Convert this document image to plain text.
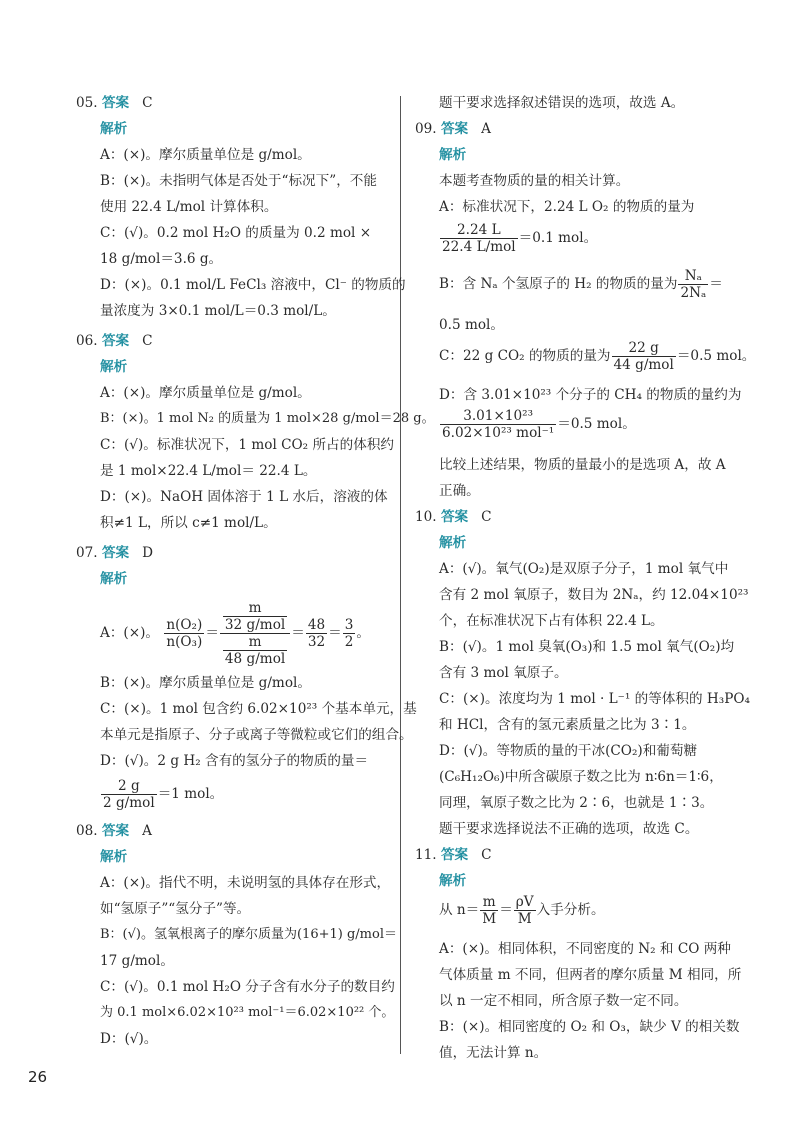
05. 答案 C
解析
A：(×)。摩尔质量单位是 g/mol。
B：(×)。未指明气体是否处于“标况下”，不能
使用 22.4 L/mol 计算体积。
C：(√)。0.2 mol H₂O 的质量为 0.2 mol ×
18 g/mol＝3.6 g。
D：(×)。0.1 mol/L FeCl₃ 溶液中，Cl⁻ 的物质的
量浓度为 3×0.1 mol/L＝0.3 mol/L。
06. 答案 C
解析
A：(×)。摩尔质量单位是 g/mol。
B：(×)。1 mol N₂ 的质量为 1 mol×28 g/mol＝28 g。
C：(√)。标准状况下，1 mol CO₂ 所占的体积约
是 1 mol×22.4 L/mol＝ 22.4 L。
D：(×)。NaOH 固体溶于 1 L 水后，溶液的体
积≠1 L，所以 c≠1 mol/L。
07. 答案 D
解析
A：(×)。 $\frac{\text{n(O₂)}}{\text{n(O₃)}} = \frac{\frac{m}{\text{32 g/mol}}}{\frac{m}{\text{48 g/mol}}} = \frac{48}{32} = \frac{3}{2}$ 。
B：(×)。摩尔质量单位是 g/mol。
C：(×)。1 mol 包含约 6.02×10²³ 个基本单元，基
本单元是指原子、分子或离子等微粒或它们的组合。
D：(√)。2 g H₂ 含有的氢分子的物质的量＝
$\frac{2 g}{\text{2 g/mol}} =1$ mol。
08. 答案 A
解析
A：(×)。指代不明，未说明氢的具体存在形式，
如“氢原子”“氢分子”等。
B：(√)。氢氧根离子的摩尔质量为(16+1) g/mol＝
17 g/mol。
C：(√)。0.1 mol H₂O 分子含有水分子的数目约
为 0.1 mol×6.02×10²³ mol⁻¹＝6.02×10²² 个。
D：(√)。
题干要求选择叙述错误的选项，故选 A。
09. 答案 A
解析
本题考查物质的量的相关计算。
A：标准状况下，2.24 L O₂ 的物质的量为
$\frac{2.24 L}{\text{22.4 L/mol}} =0.1$ mol。
B：含 Nₐ 个氢原子的 H₂ 的物质的量为 $\frac{\text{Nₐ}}{\text{2Nₐ}}$ ＝
0.5 mol。
C：22 g CO₂ 的物质的量为 $\frac{22 g}{\text{44 g/mol}} =0.5$ mol。
D：含 3.01×10²³ 个分子的 CH₄ 的物质的量约为
$\frac{\text{3.01×10²³}}{\text{6.02×10²³ mol⁻¹}} =0.5$ mol。
比较上述结果，物质的量最小的是选项 A，故 A
正确。
10. 答案 C
解析
A：(√)。氧气(O₂)是双原子分子，1 mol 氧气中
含有 2 mol 氧原子，数目为 2Nₐ，约 12.04×10²³
个，在标准状况下占有体积 22.4 L。
B：(√)。1 mol 臭氧(O₃)和 1.5 mol 氧气(O₂)均
含有 3 mol 氧原子。
C：(×)。浓度均为 1 mol · L⁻¹ 的等体积的 H₃PO₄
和 HCl，含有的氢元素质量之比为 3∶1。
D：(√)。等物质的量的干冰(CO₂)和葡萄糖
(C₆H₁₂O₆)中所含碳原子数之比为 n∶6n＝1∶6，
同理，氧原子数之比为 2∶6，也就是 1∶3。
题干要求选择说法不正确的选项，故选 C。
11. 答案 C
解析
从 $n= \frac{m}{M} = \frac{\rho V}{M}$ 入手分析。
A：(×)。相同体积，不同密度的 N₂ 和 CO 两种
气体质量 m 不同，但两者的摩尔质量 M 相同，所
以 n 一定不相同，所含原子数一定不同。
B：(×)。相同密度的 O₂ 和 O₃，缺少 V 的相关数
值，无法计算 n。
26
